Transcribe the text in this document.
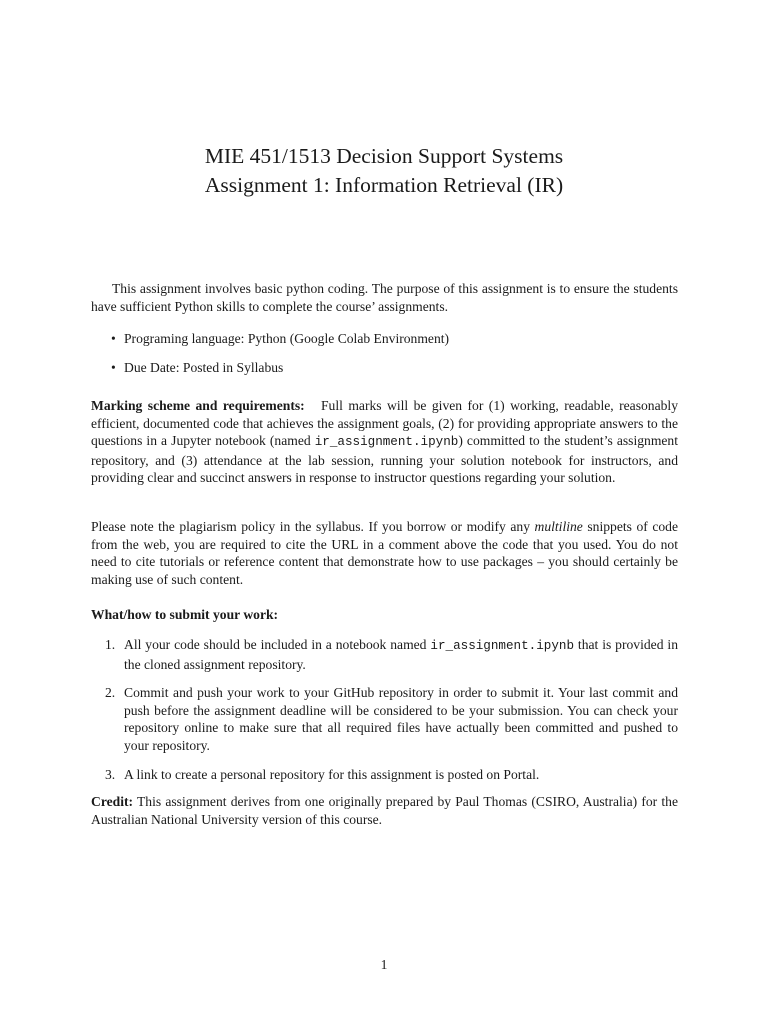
MIE 451/1513 Decision Support Systems
Assignment 1: Information Retrieval (IR)

This assignment involves basic python coding. The purpose of this assignment is to ensure the students have sufficient Python skills to complete the course’ assignments.

• Programing language: Python (Google Colab Environment)
• Due Date: Posted in Syllabus

Marking scheme and requirements: Full marks will be given for (1) working, readable, reasonably efficient, documented code that achieves the assignment goals, (2) for providing appropriate answers to the questions in a Jupyter notebook (named ir_assignment.ipynb) committed to the student’s assignment repository, and (3) attendance at the lab session, running your solution notebook for instructors, and providing clear and succinct answers in response to instructor questions regarding your solution.

Please note the plagiarism policy in the syllabus. If you borrow or modify any multiline snippets of code from the web, you are required to cite the URL in a comment above the code that you used. You do not need to cite tutorials or reference content that demonstrate how to use packages – you should certainly be making use of such content.

What/how to submit your work:
1. All your code should be included in a notebook named ir_assignment.ipynb that is provided in the cloned assignment repository.
2. Commit and push your work to your GitHub repository in order to submit it. Your last commit and push before the assignment deadline will be considered to be your submission. You can check your repository online to make sure that all required files have actually been committed and pushed to your repository.
3. A link to create a personal repository for this assignment is posted on Portal.

Credit: This assignment derives from one originally prepared by Paul Thomas (CSIRO, Australia) for the Australian National University version of this course.

1
